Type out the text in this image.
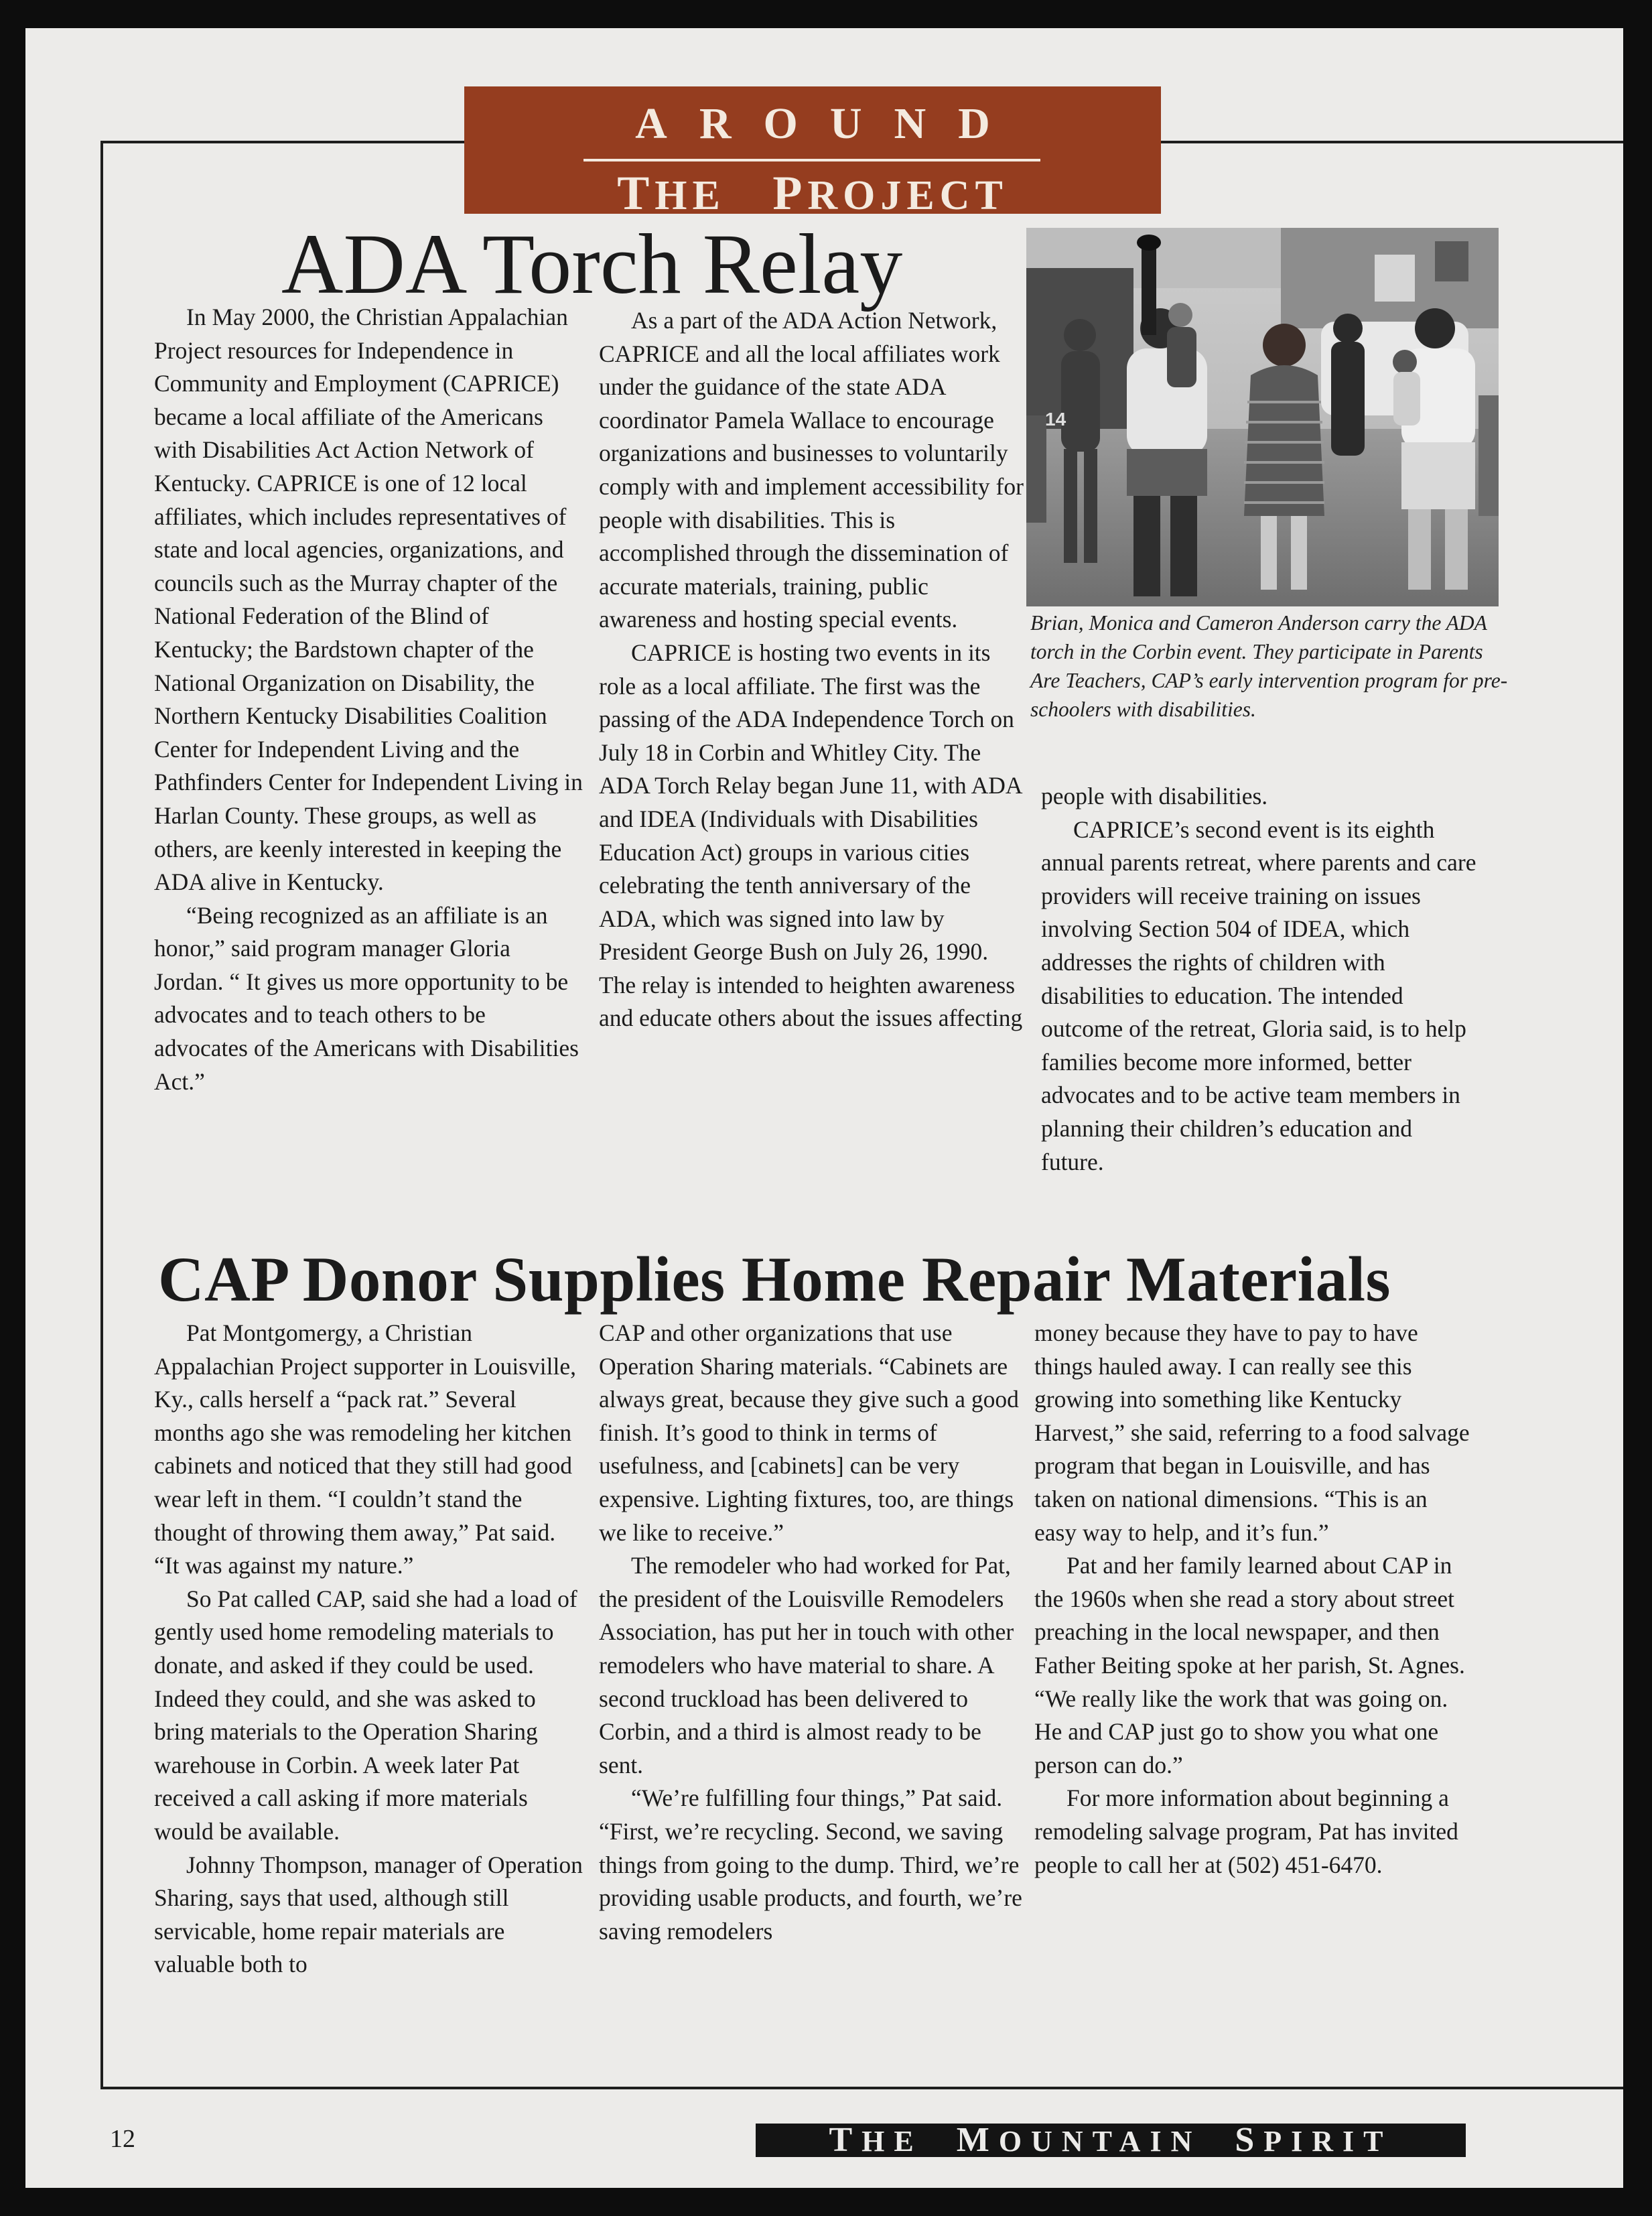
AROUND
THE PROJECT
ADA Torch Relay

In May 2000, the Christian Appalachian Project resources for Independence in Community and Employment (CAPRICE) became a local affiliate of the Americans with Disabilities Act Action Network of Kentucky. CAPRICE is one of 12 local affiliates, which includes representatives of state and local agencies, organizations, and councils such as the Murray chapter of the National Federation of the Blind of Kentucky; the Bardstown chapter of the National Organization on Disability, the Northern Kentucky Disabilities Coalition Center for Independent Living and the Pathfinders Center for Independent Living in Harlan County. These groups, as well as others, are keenly interested in keeping the ADA alive in Kentucky.

“Being recognized as an affiliate is an honor,” said program manager Gloria Jordan. “ It gives us more opportunity to be advocates and to teach others to be advocates of the Americans with Disabilities Act.”

As a part of the ADA Action Network, CAPRICE and all the local affiliates work under the guidance of the state ADA coordinator Pamela Wallace to encourage organizations and businesses to voluntarily comply with and implement accessibility for people with disabilities. This is accomplished through the dissemination of accurate materials, training, public awareness and hosting special events.

CAPRICE is hosting two events in its role as a local affiliate. The first was the passing of the ADA Independence Torch on July 18 in Corbin and Whitley City. The ADA Torch Relay began June 11, with ADA and IDEA (Individuals with Disabilities Education Act) groups in various cities celebrating the tenth anniversary of the ADA, which was signed into law by President George Bush on July 26, 1990. The relay is intended to heighten awareness and educate others about the issues affecting

14
Brian, Monica and Cameron Anderson carry the ADA torch in the Corbin event. They participate in Parents Are Teachers, CAP’s early intervention program for pre-schoolers with disabilities.

people with disabilities.

CAPRICE’s second event is its eighth annual parents retreat, where parents and care providers will receive training on issues involving Section 504 of IDEA, which addresses the rights of children with disabilities to education. The intended outcome of the retreat, Gloria said, is to help families become more informed, better advocates and to be active team members in planning their children’s education and future.

CAP Donor Supplies Home Repair Materials

Pat Montgomergy, a Christian Appalachian Project supporter in Louisville, Ky., calls herself a “pack rat.” Several months ago she was remodeling her kitchen cabinets and noticed that they still had good wear left in them. “I couldn’t stand the thought of throwing them away,” Pat said. “It was against my nature.”

So Pat called CAP, said she had a load of gently used home remodeling materials to donate, and asked if they could be used. Indeed they could, and she was asked to bring materials to the Operation Sharing warehouse in Corbin. A week later Pat received a call asking if more materials would be available.

Johnny Thompson, manager of Operation Sharing, says that used, although still servicable, home repair materials are valuable both to

CAP and other organizations that use Operation Sharing materials. “Cabinets are always great, because they give such a good finish. It’s good to think in terms of usefulness, and [cabinets] can be very expensive. Lighting fixtures, too, are things we like to receive.”

The remodeler who had worked for Pat, the president of the Louisville Remodelers Association, has put her in touch with other remodelers who have material to share. A second truckload has been delivered to Corbin, and a third is almost ready to be sent.

“We’re fulfilling four things,” Pat said. “First, we’re recycling. Second, we saving things from going to the dump. Third, we’re providing usable products, and fourth, we’re saving remodelers

money because they have to pay to have things hauled away. I can really see this growing into something like Kentucky Harvest,” she said, referring to a food salvage program that began in Louisville, and has taken on national dimensions. “This is an easy way to help, and it’s fun.”

Pat and her family learned about CAP in the 1960s when she read a story about street preaching in the local newspaper, and then Father Beiting spoke at her parish, St. Agnes. “We really like the work that was going on. He and CAP just go to show you what one person can do.”

For more information about beginning a remodeling salvage program, Pat has invited people to call her at (502) 451-6470.

12	THE MOUNTAIN SPIRIT
